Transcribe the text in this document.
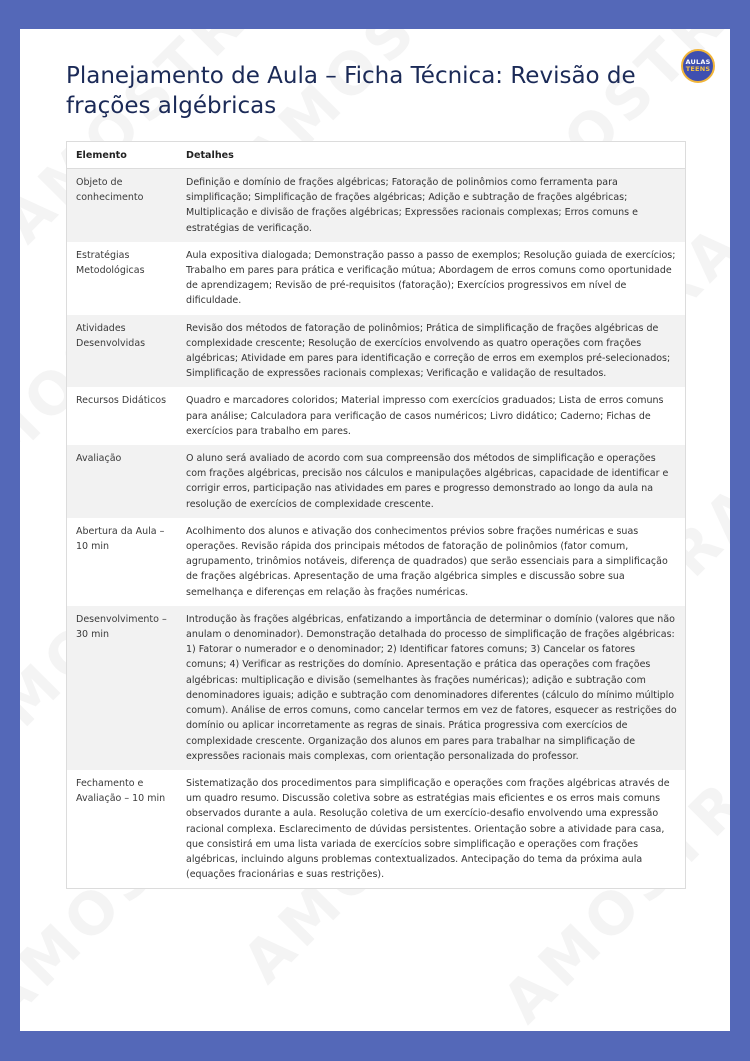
AULAS
TEENS
Planejamento de Aula – Ficha Técnica: Revisão de frações algébricas
Elemento	Detalhes
Objeto de conhecimento	Definição e domínio de frações algébricas; Fatoração de polinômios como ferramenta para simplificação; Simplificação de frações algébricas; Adição e subtração de frações algébricas; Multiplicação e divisão de frações algébricas; Expressões racionais complexas; Erros comuns e estratégias de verificação.
Estratégias Metodológicas	Aula expositiva dialogada; Demonstração passo a passo de exemplos; Resolução guiada de exercícios; Trabalho em pares para prática e verificação mútua; Abordagem de erros comuns como oportunidade de aprendizagem; Revisão de pré-requisitos (fatoração); Exercícios progressivos em nível de dificuldade.
Atividades Desenvolvidas	Revisão dos métodos de fatoração de polinômios; Prática de simplificação de frações algébricas de complexidade crescente; Resolução de exercícios envolvendo as quatro operações com frações algébricas; Atividade em pares para identificação e correção de erros em exemplos pré-selecionados; Simplificação de expressões racionais complexas; Verificação e validação de resultados.
Recursos Didáticos	Quadro e marcadores coloridos; Material impresso com exercícios graduados; Lista de erros comuns para análise; Calculadora para verificação de casos numéricos; Livro didático; Caderno; Fichas de exercícios para trabalho em pares.
Avaliação	O aluno será avaliado de acordo com sua compreensão dos métodos de simplificação e operações com frações algébricas, precisão nos cálculos e manipulações algébricas, capacidade de identificar e corrigir erros, participação nas atividades em pares e progresso demonstrado ao longo da aula na resolução de exercícios de complexidade crescente.
Abertura da Aula – 10 min	Acolhimento dos alunos e ativação dos conhecimentos prévios sobre frações numéricas e suas operações. Revisão rápida dos principais métodos de fatoração de polinômios (fator comum, agrupamento, trinômios notáveis, diferença de quadrados) que serão essenciais para a simplificação de frações algébricas. Apresentação de uma fração algébrica simples e discussão sobre sua semelhança e diferenças em relação às frações numéricas.
Desenvolvimento – 30 min	Introdução às frações algébricas, enfatizando a importância de determinar o domínio (valores que não anulam o denominador). Demonstração detalhada do processo de simplificação de frações algébricas: 1) Fatorar o numerador e o denominador; 2) Identificar fatores comuns; 3) Cancelar os fatores comuns; 4) Verificar as restrições do domínio. Apresentação e prática das operações com frações algébricas: multiplicação e divisão (semelhantes às frações numéricas); adição e subtração com denominadores iguais; adição e subtração com denominadores diferentes (cálculo do mínimo múltiplo comum). Análise de erros comuns, como cancelar termos em vez de fatores, esquecer as restrições do domínio ou aplicar incorretamente as regras de sinais. Prática progressiva com exercícios de complexidade crescente. Organização dos alunos em pares para trabalhar na simplificação de expressões racionais mais complexas, com orientação personalizada do professor.
Fechamento e Avaliação – 10 min	Sistematização dos procedimentos para simplificação e operações com frações algébricas através de um quadro resumo. Discussão coletiva sobre as estratégias mais eficientes e os erros mais comuns observados durante a aula. Resolução coletiva de um exercício-desafio envolvendo uma expressão racional complexa. Esclarecimento de dúvidas persistentes. Orientação sobre a atividade para casa, que consistirá em uma lista variada de exercícios sobre simplificação e operações com frações algébricas, incluindo alguns problemas contextualizados. Antecipação do tema da próxima aula (equações fracionárias e suas restrições).
